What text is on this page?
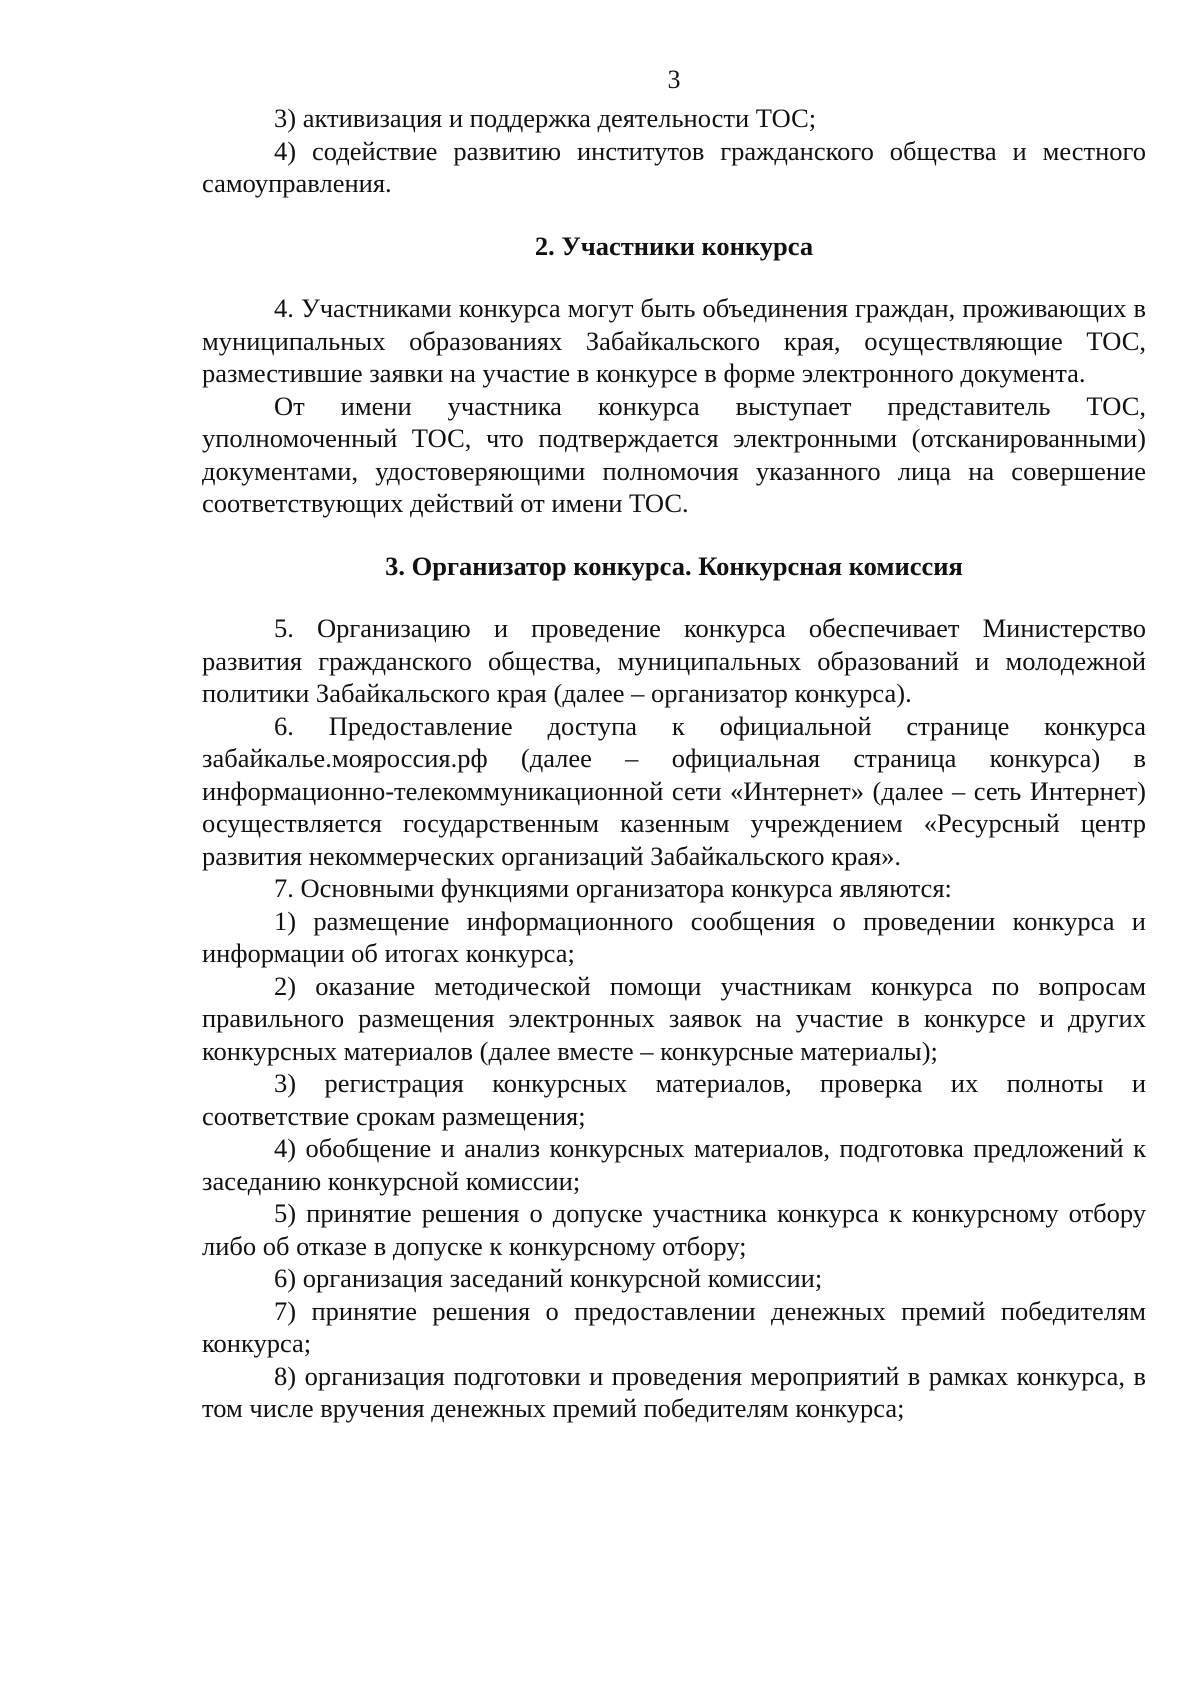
3

3) активизация и поддержка деятельности ТОС;

4) содействие развитию институтов гражданского общества и местного самоуправления.

2. Участники конкурса

4. Участниками конкурса могут быть объединения граждан, проживающих в муниципальных образованиях Забайкальского края, осуществляющие ТОС, разместившие заявки на участие в конкурсе в форме электронного документа.

От имени участника конкурса выступает представитель ТОС, уполномоченный ТОС, что подтверждается электронными (отсканированными) документами, удостоверяющими полномочия указанного лица на совершение соответствующих действий от имени ТОС.

3. Организатор конкурса. Конкурсная комиссия

5. Организацию и проведение конкурса обеспечивает Министерство развития гражданского общества, муниципальных образований и молодежной политики Забайкальского края (далее – организатор конкурса).

6. Предоставление доступа к официальной странице конкурса забайкалье.мояроссия.рф (далее – официальная страница конкурса) в информационно-телекоммуникационной сети «Интернет» (далее – сеть Интернет) осуществляется государственным казенным учреждением «Ресурсный центр развития некоммерческих организаций Забайкальского края».

7. Основными функциями организатора конкурса являются:

1) размещение информационного сообщения о проведении конкурса и информации об итогах конкурса;

2) оказание методической помощи участникам конкурса по вопросам правильного размещения электронных заявок на участие в конкурсе и других конкурсных материалов (далее вместе – конкурсные материалы);

3) регистрация конкурсных материалов, проверка их полноты и соответствие срокам размещения;

4) обобщение и анализ конкурсных материалов, подготовка предложений к заседанию конкурсной комиссии;

5) принятие решения о допуске участника конкурса к конкурсному отбору либо об отказе в допуске к конкурсному отбору;

6) организация заседаний конкурсной комиссии;

7) принятие решения о предоставлении денежных премий победителям конкурса;

8) организация подготовки и проведения мероприятий в рамках конкурса, в том числе вручения денежных премий победителям конкурса;
